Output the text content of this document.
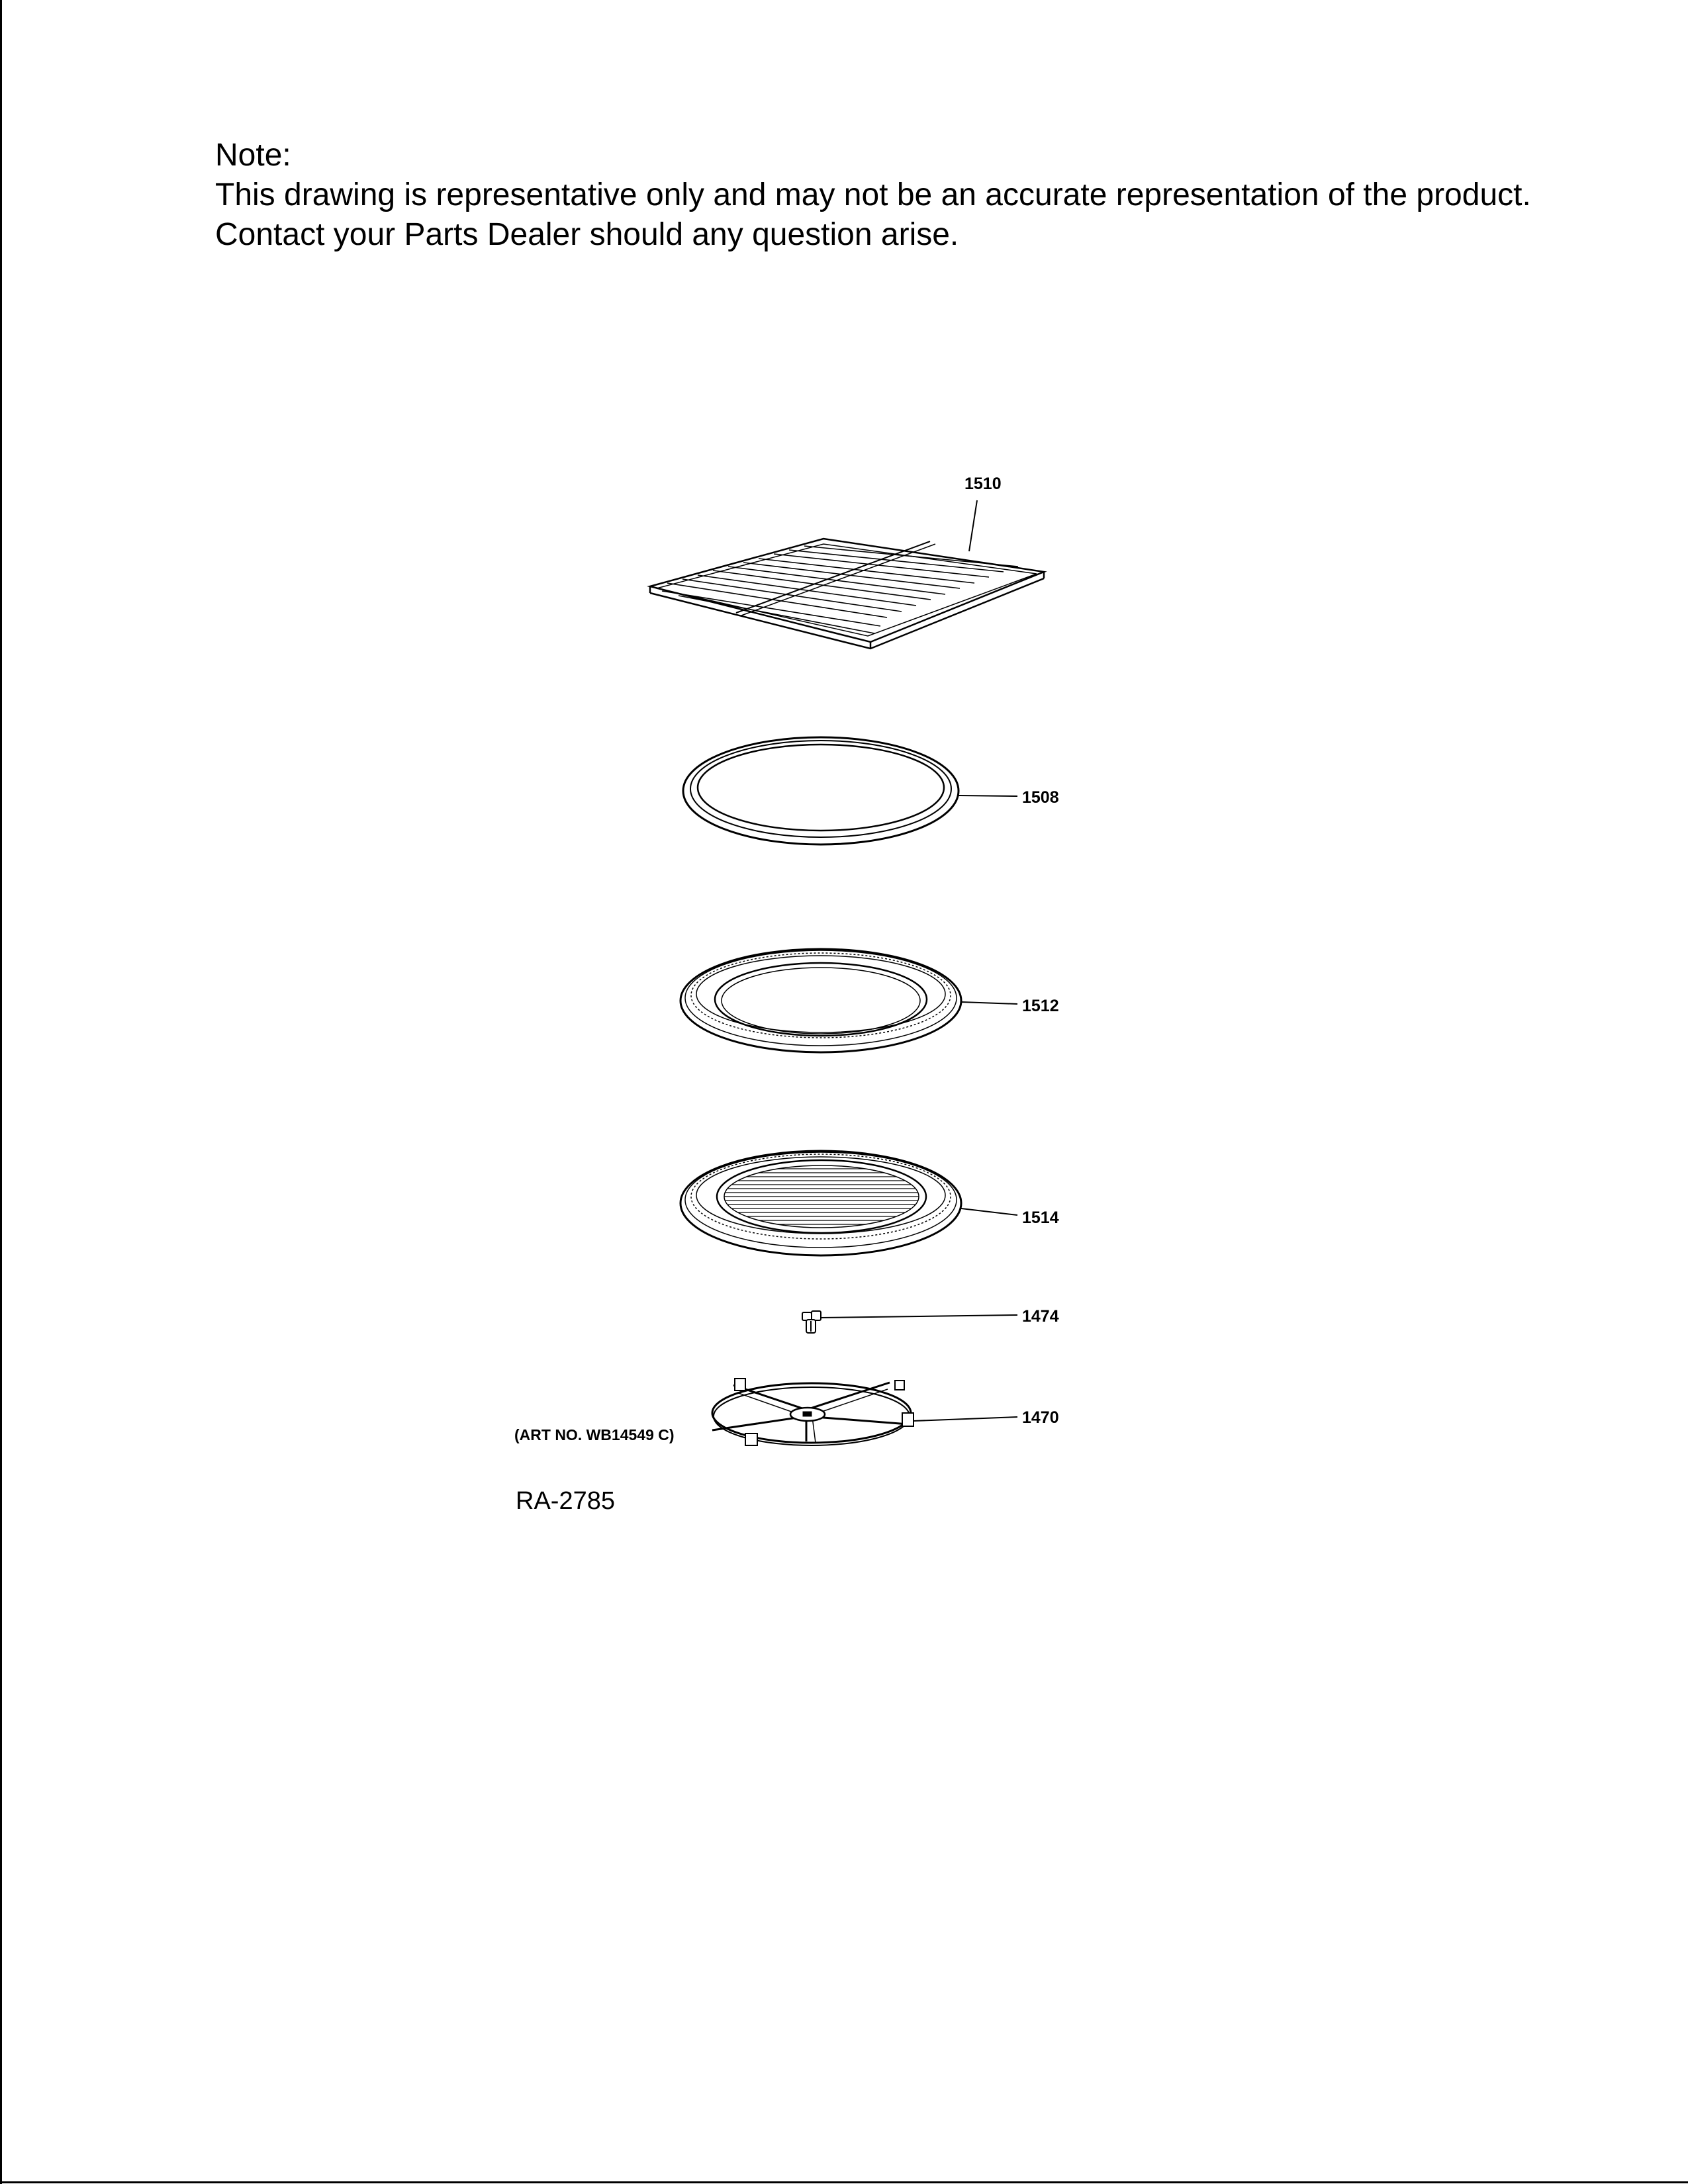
Note:
This drawing is representative only and may not be an accurate representation of the product.
Contact your Parts Dealer should any question arise.
1510
1508
1512
1514
1474
1470
(ART NO. WB14549 C)
RA-2785
